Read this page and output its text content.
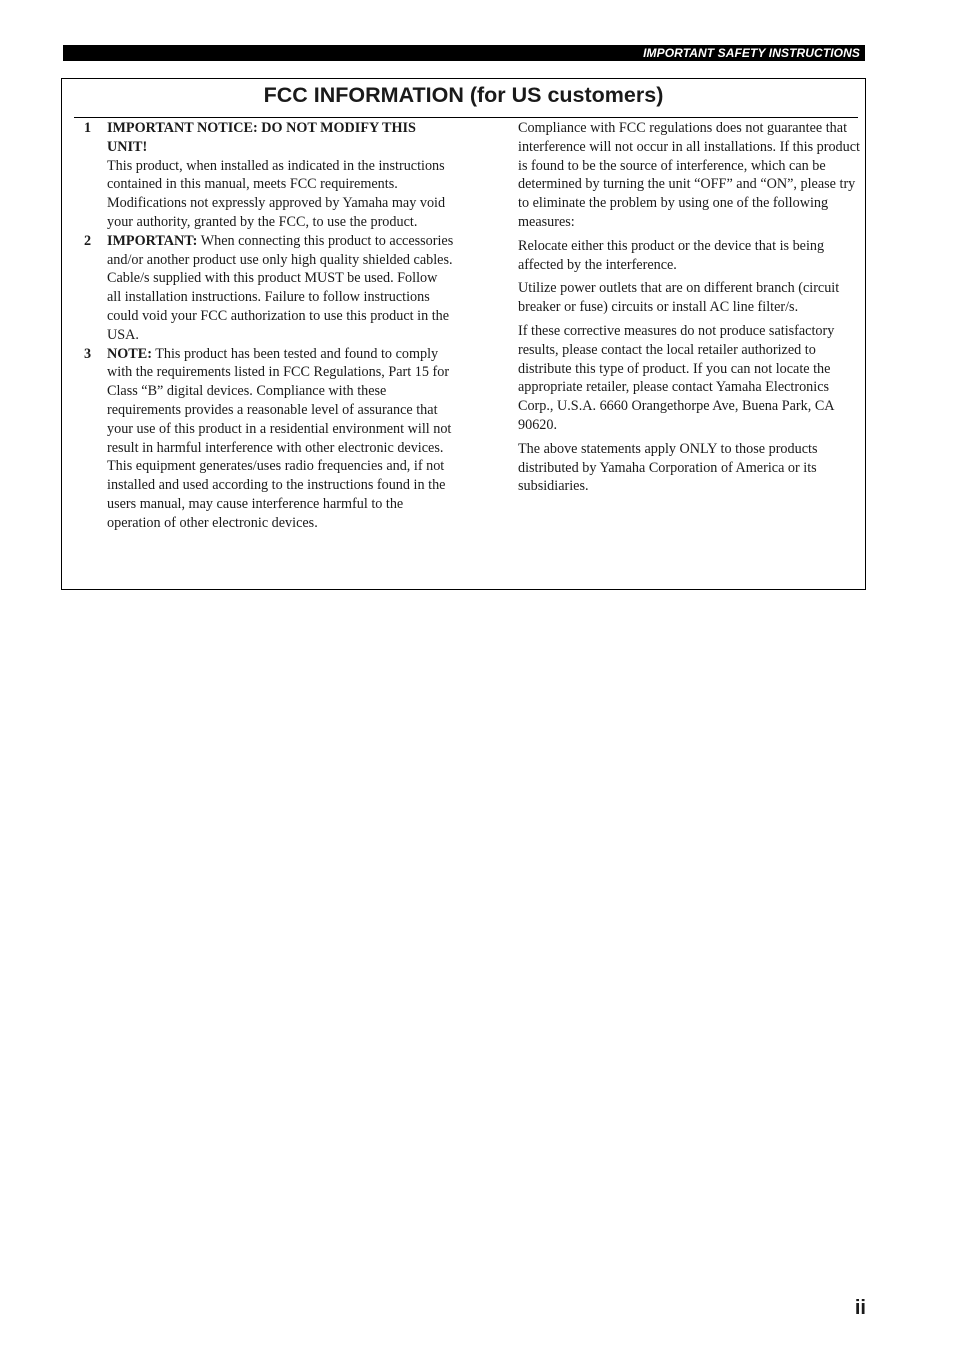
IMPORTANT SAFETY INSTRUCTIONS
FCC INFORMATION (for US customers)
1 IMPORTANT NOTICE: DO NOT MODIFY THIS UNIT!
This product, when installed as indicated in the instructions contained in this manual, meets FCC requirements. Modifications not expressly approved by Yamaha may void your authority, granted by the FCC, to use the product.
2 IMPORTANT: When connecting this product to accessories and/or another product use only high quality shielded cables. Cable/s supplied with this product MUST be used. Follow all installation instructions. Failure to follow instructions could void your FCC authorization to use this product in the USA.
3 NOTE: This product has been tested and found to comply with the requirements listed in FCC Regulations, Part 15 for Class “B” digital devices. Compliance with these requirements provides a reasonable level of assurance that your use of this product in a residential environment will not result in harmful interference with other electronic devices.
This equipment generates/uses radio frequencies and, if not installed and used according to the instructions found in the users manual, may cause interference harmful to the operation of other electronic devices.

Compliance with FCC regulations does not guarantee that interference will not occur in all installations. If this product is found to be the source of interference, which can be determined by turning the unit “OFF” and “ON”, please try to eliminate the problem by using one of the following measures:

Relocate either this product or the device that is being affected by the interference.

Utilize power outlets that are on different branch (circuit breaker or fuse) circuits or install AC line filter/s.

If these corrective measures do not produce satisfactory results, please contact the local retailer authorized to distribute this type of product. If you can not locate the appropriate retailer, please contact Yamaha Electronics Corp., U.S.A. 6660 Orangethorpe Ave, Buena Park, CA 90620.

The above statements apply ONLY to those products distributed by Yamaha Corporation of America or its subsidiaries.

ii
